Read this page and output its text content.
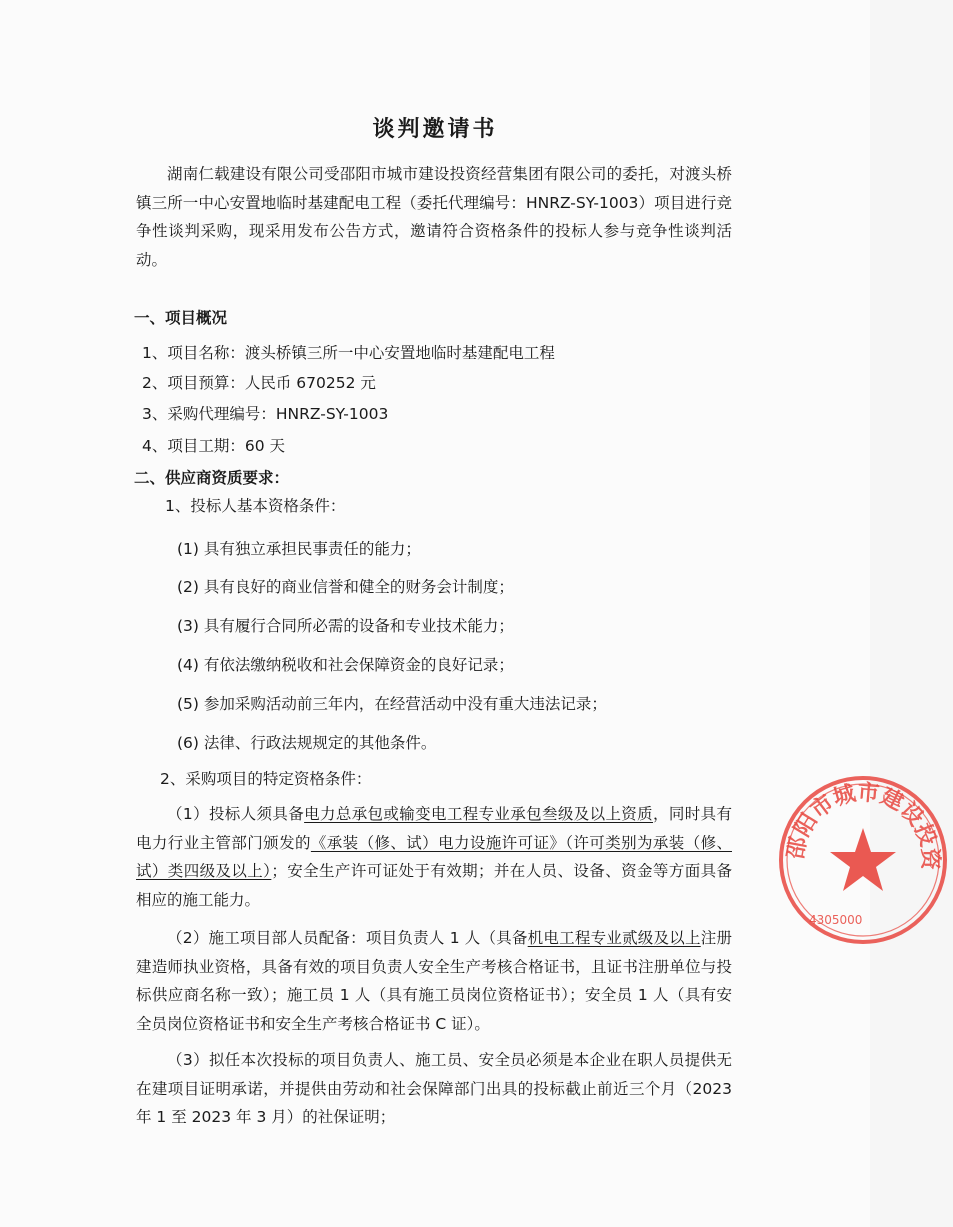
谈判邀请书
湖南仁载建设有限公司受邵阳市城市建设投资经营集团有限公司的委托，对渡头桥镇三所一中心安置地临时基建配电工程（委托代理编号：HNRZ-SY-1003）项目进行竞争性谈判采购，现采用发布公告方式，邀请符合资格条件的投标人参与竞争性谈判活动。
一、项目概况
1、项目名称：渡头桥镇三所一中心安置地临时基建配电工程
2、项目预算：人民币 670252 元
3、采购代理编号：HNRZ-SY-1003
4、项目工期：60 天
二、供应商资质要求：
1、投标人基本资格条件：
(1) 具有独立承担民事责任的能力；
(2) 具有良好的商业信誉和健全的财务会计制度；
(3) 具有履行合同所必需的设备和专业技术能力；
(4) 有依法缴纳税收和社会保障资金的良好记录；
(5) 参加采购活动前三年内，在经营活动中没有重大违法记录；
(6) 法律、行政法规规定的其他条件。
2、采购项目的特定资格条件：
（1）投标人须具备电力总承包或输变电工程专业承包叁级及以上资质，同时具有电力行业主管部门颁发的《承装（修、试）电力设施许可证》（许可类别为承装（修、试）类四级及以上）；安全生产许可证处于有效期；并在人员、设备、资金等方面具备相应的施工能力。
（2）施工项目部人员配备：项目负责人 1 人（具备机电工程专业贰级及以上注册建造师执业资格，具备有效的项目负责人安全生产考核合格证书，且证书注册单位与投标供应商名称一致）；施工员 1 人（具有施工员岗位资格证书）；安全员 1 人（具有安全员岗位资格证书和安全生产考核合格证书 C 证）。
（3）拟任本次投标的项目负责人、施工员、安全员必须是本企业在职人员提供无在建项目证明承诺，并提供由劳动和社会保障部门出具的投标截止前近三个月（2023 年 1 至 2023 年 3 月）的社保证明；
邵阳市城市建设投资
4305000
